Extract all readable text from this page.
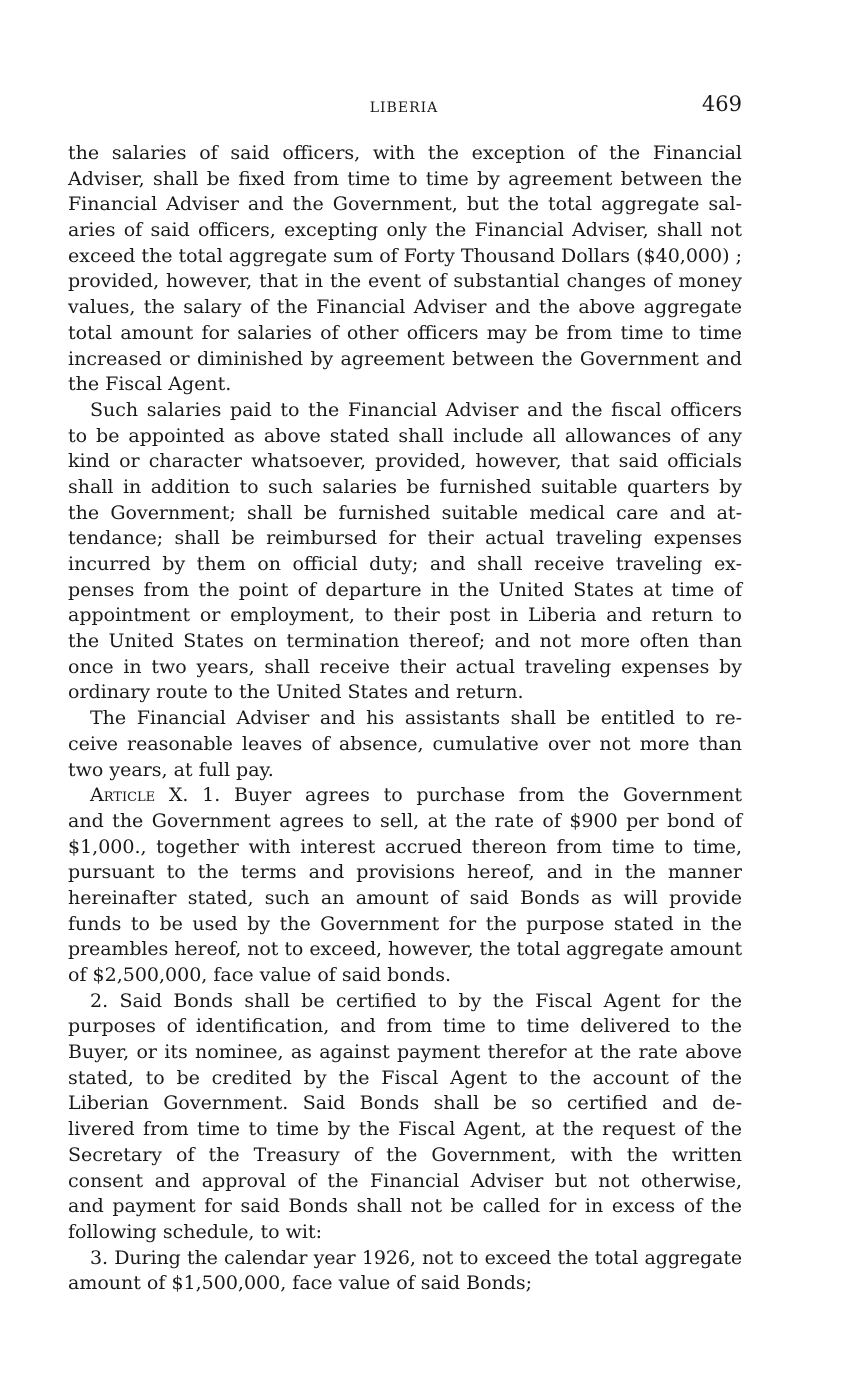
LIBERIA	469
the salaries of said officers, with the exception of the Financial
Adviser, shall be fixed from time to time by agreement between the
Financial Adviser and the Government, but the total aggregate sal-
aries of said officers, excepting only the Financial Adviser, shall not
exceed the total aggregate sum of Forty Thousand Dollars ($40,000) ;
provided, however, that in the event of substantial changes of money
values, the salary of the Financial Adviser and the above aggregate
total amount for salaries of other officers may be from time to time
increased or diminished by agreement between the Government and
the Fiscal Agent.
Such salaries paid to the Financial Adviser and the fiscal officers
to be appointed as above stated shall include all allowances of any
kind or character whatsoever, provided, however, that said officials
shall in addition to such salaries be furnished suitable quarters by
the Government; shall be furnished suitable medical care and at-
tendance; shall be reimbursed for their actual traveling expenses
incurred by them on official duty; and shall receive traveling ex-
penses from the point of departure in the United States at time of
appointment or employment, to their post in Liberia and return to
the United States on termination thereof; and not more often than
once in two years, shall receive their actual traveling expenses by
ordinary route to the United States and return.
The Financial Adviser and his assistants shall be entitled to re-
ceive reasonable leaves of absence, cumulative over not more than
two years, at full pay.
Article X. 1. Buyer agrees to purchase from the Government
and the Government agrees to sell, at the rate of $900 per bond of
$1,000., together with interest accrued thereon from time to time,
pursuant to the terms and provisions hereof, and in the manner
hereinafter stated, such an amount of said Bonds as will provide
funds to be used by the Government for the purpose stated in the
preambles hereof, not to exceed, however, the total aggregate amount
of $2,500,000, face value of said bonds.
2. Said Bonds shall be certified to by the Fiscal Agent for the
purposes of identification, and from time to time delivered to the
Buyer, or its nominee, as against payment therefor at the rate above
stated, to be credited by the Fiscal Agent to the account of the
Liberian Government. Said Bonds shall be so certified and de-
livered from time to time by the Fiscal Agent, at the request of the
Secretary of the Treasury of the Government, with the written
consent and approval of the Financial Adviser but not otherwise,
and payment for said Bonds shall not be called for in excess of the
following schedule, to wit:
3. During the calendar year 1926, not to exceed the total aggregate
amount of $1,500,000, face value of said Bonds;
